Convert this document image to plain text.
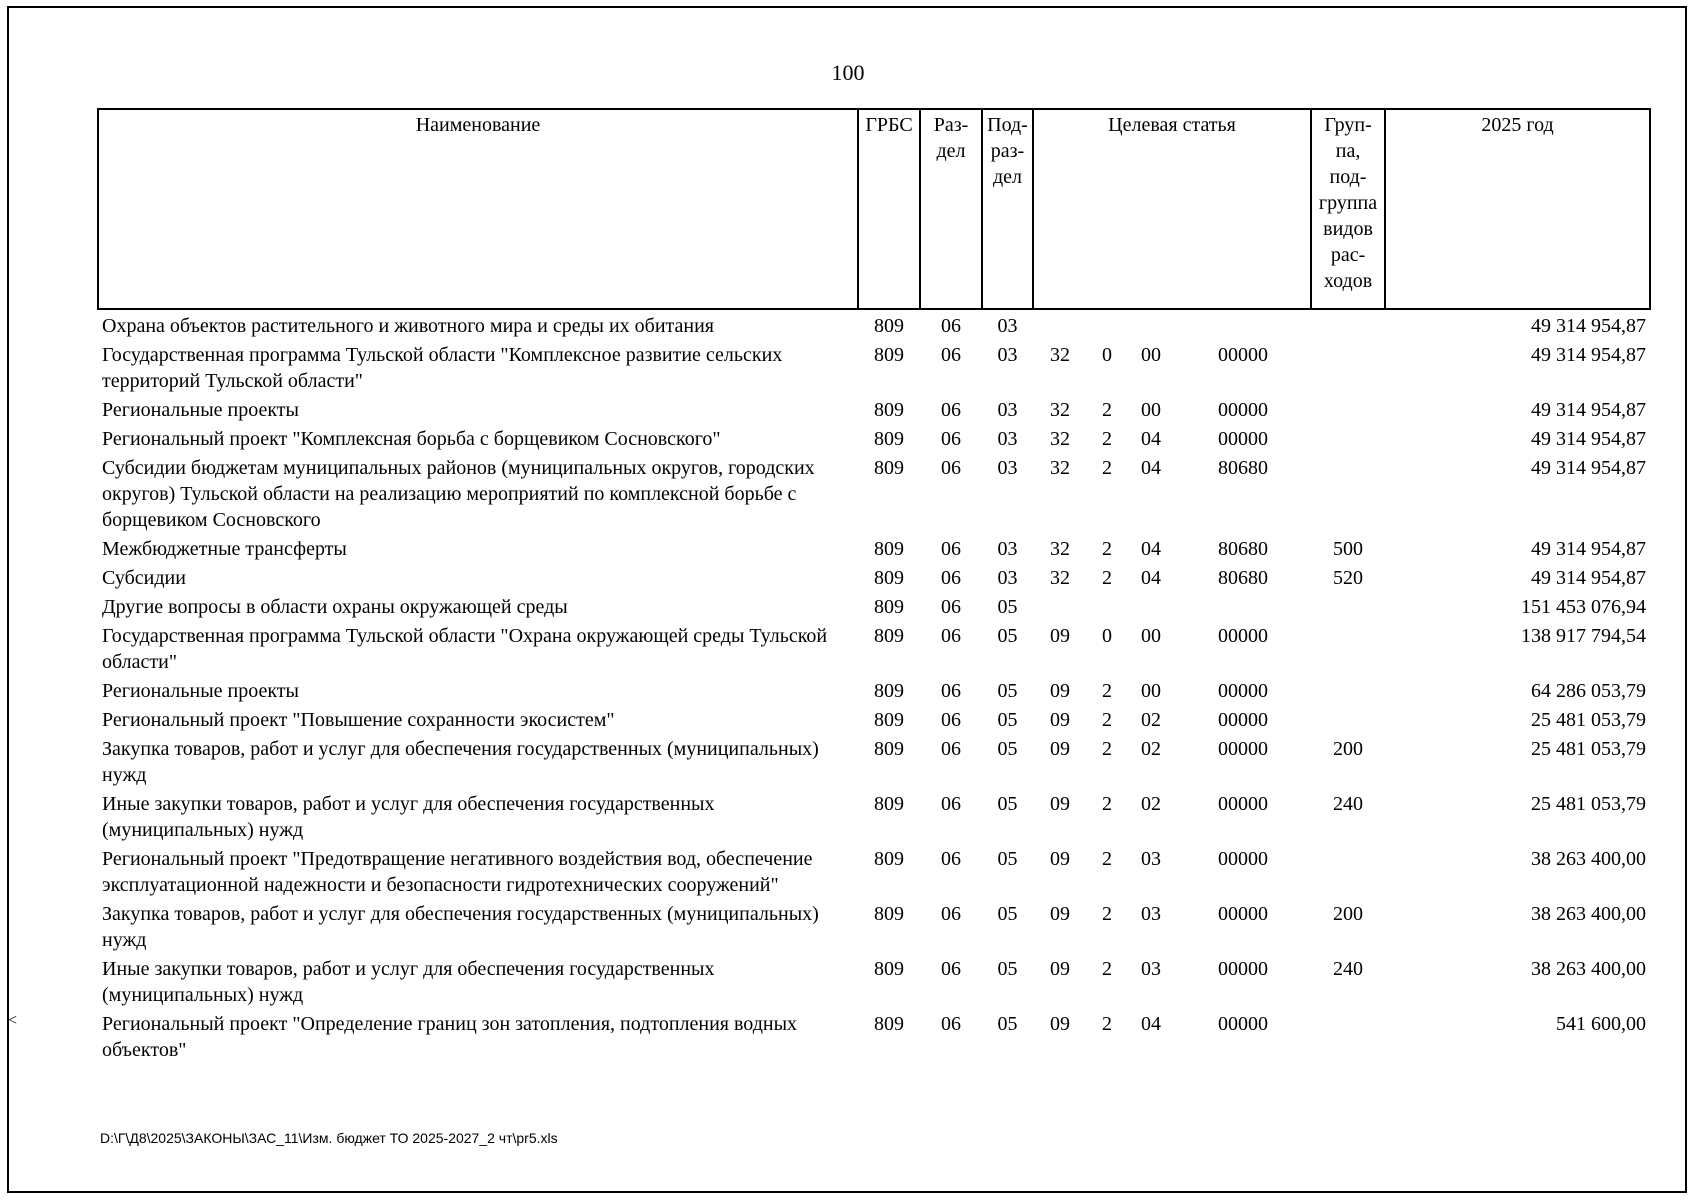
100
<
Наименование	ГРБС	Раз-дел	Под-раз-дел	Целевая статья				Груп-па, под-группа видов рас-ходов	2025 год
Охрана объектов растительного и животного мира и среды их обитания	809	06	03						49 314 954,87
Государственная программа Тульской области "Комплексное развитие сельских территорий Тульской области"	809	06	03	32	0	00	00000		49 314 954,87
Региональные проекты	809	06	03	32	2	00	00000		49 314 954,87
Региональный проект "Комплексная борьба с борщевиком Сосновского"	809	06	03	32	2	04	00000		49 314 954,87
Субсидии бюджетам муниципальных районов (муниципальных округов, городских округов) Тульской области на реализацию мероприятий по комплексной борьбе с борщевиком Сосновского	809	06	03	32	2	04	80680		49 314 954,87
Межбюджетные трансферты	809	06	03	32	2	04	80680	500	49 314 954,87
Субсидии	809	06	03	32	2	04	80680	520	49 314 954,87
Другие вопросы в области охраны окружающей среды	809	06	05						151 453 076,94
Государственная программа Тульской области "Охрана окружающей среды Тульской области"	809	06	05	09	0	00	00000		138 917 794,54
Региональные проекты	809	06	05	09	2	00	00000		64 286 053,79
Региональный проект "Повышение сохранности экосистем"	809	06	05	09	2	02	00000		25 481 053,79
Закупка товаров, работ и услуг для обеспечения государственных (муниципальных) нужд	809	06	05	09	2	02	00000	200	25 481 053,79
Иные закупки товаров, работ и услуг для обеспечения государственных (муниципальных) нужд	809	06	05	09	2	02	00000	240	25 481 053,79
Региональный проект "Предотвращение негативного воздействия вод, обеспечение эксплуатационной надежности и безопасности гидротехнических сооружений"	809	06	05	09	2	03	00000		38 263 400,00
Закупка товаров, работ и услуг для обеспечения государственных (муниципальных) нужд	809	06	05	09	2	03	00000	200	38 263 400,00
Иные закупки товаров, работ и услуг для обеспечения государственных (муниципальных) нужд	809	06	05	09	2	03	00000	240	38 263 400,00
Региональный проект "Определение границ зон затопления, подтопления водных объектов"	809	06	05	09	2	04	00000		541 600,00
D:\Г\Д8\2025\ЗАКОНЫ\ЗАС_11\Изм. бюджет ТО 2025-2027_2 чт\pr5.xls
